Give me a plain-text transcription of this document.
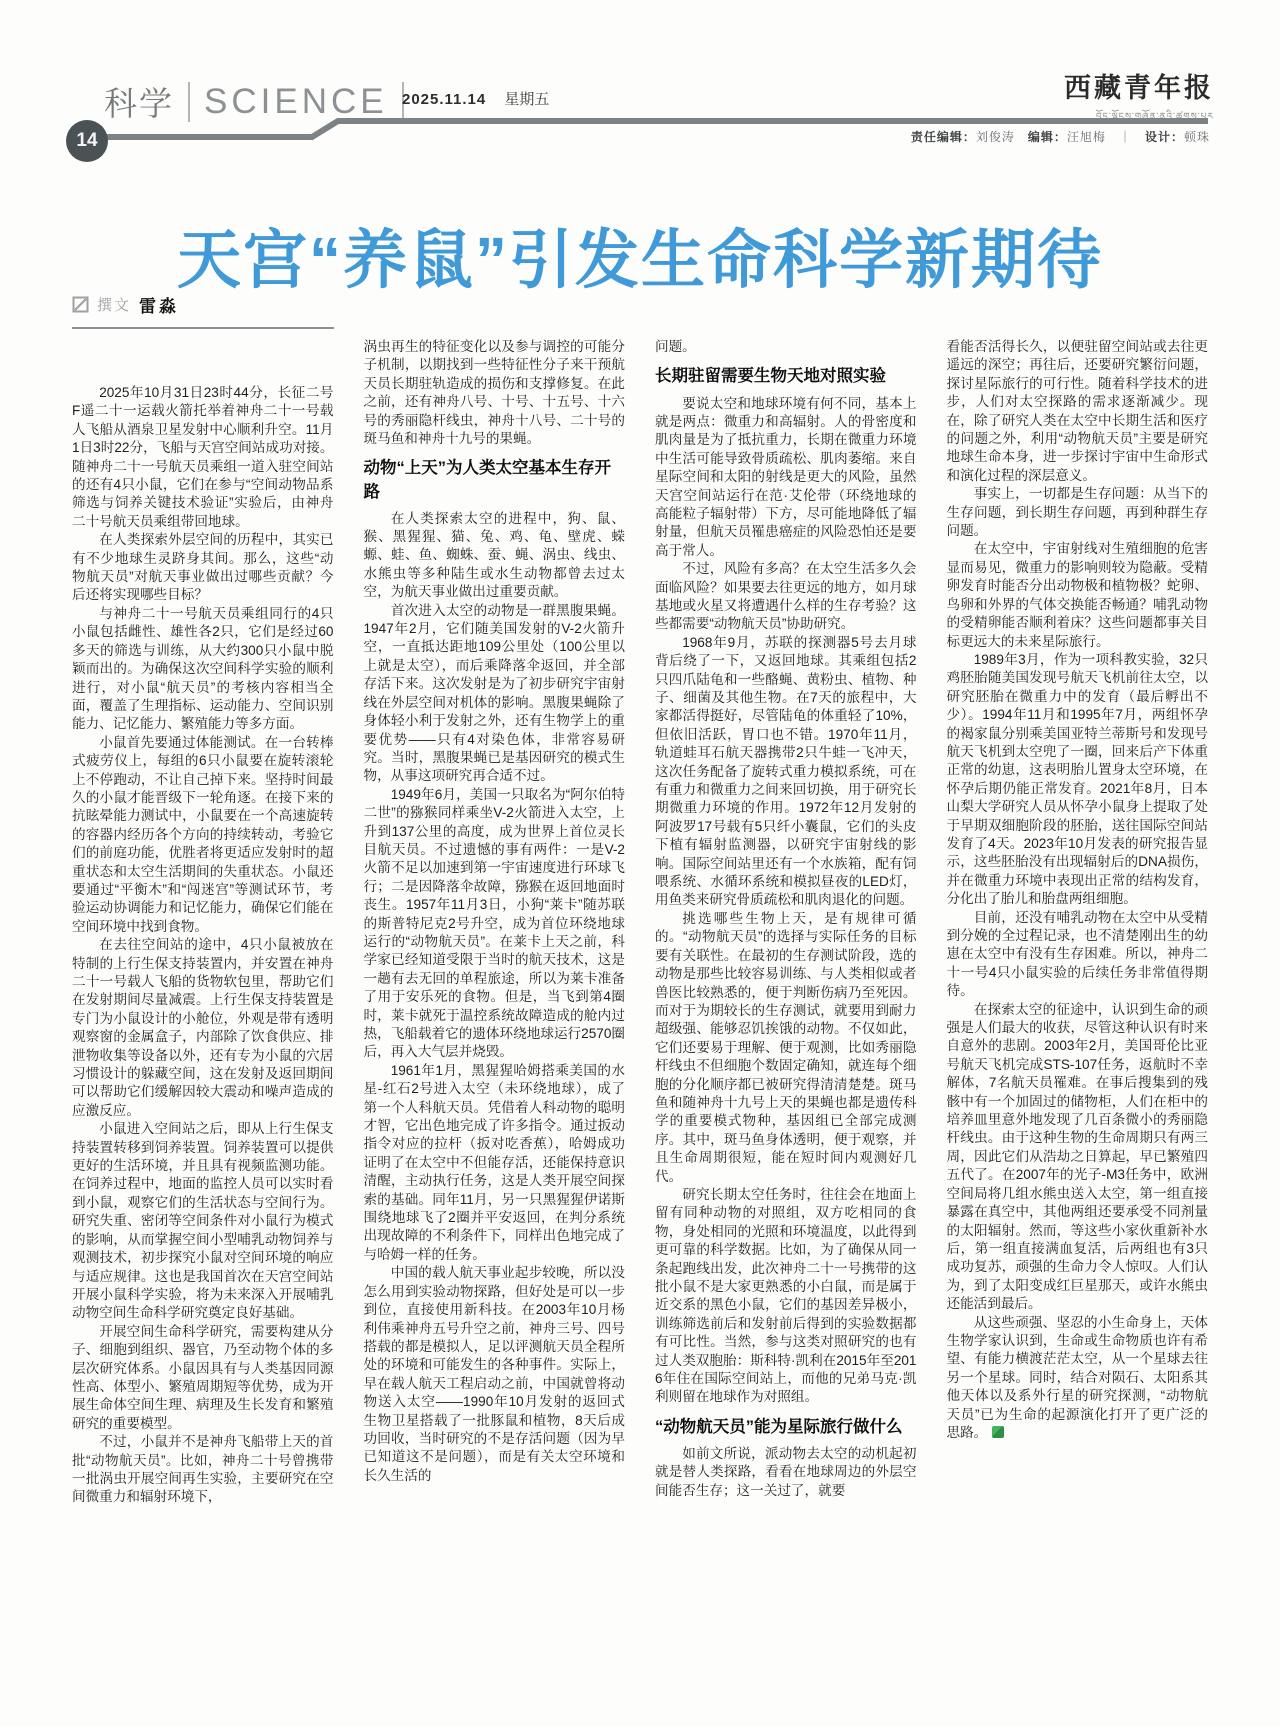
科学 SCIENCE 2025.11.14 星期五	西藏青年报
བོད་ལྗོངས་གཞོན་ནུའི་ཚགས་པར
14	责任编辑：刘俊涛 编辑：汪旭梅 ｜ 设计：顿珠
天宫“养鼠”引发生命科学新期待
撰文 雷淼

2025年10月31日23时44分，长征二号F遥二十一运载火箭托举着神舟二十一号载人飞船从酒泉卫星发射中心顺利升空。11月1日3时22分，飞船与天宫空间站成功对接。随神舟二十一号航天员乘组一道入驻空间站的还有4只小鼠，它们在参与“空间动物品系筛选与饲养关键技术验证”实验后，由神舟二十号航天员乘组带回地球。

在人类探索外层空间的历程中，其实已有不少地球生灵跻身其间。那么，这些“动物航天员”对航天事业做出过哪些贡献？今后还将实现哪些目标？

与神舟二十一号航天员乘组同行的4只小鼠包括雌性、雄性各2只，它们是经过60多天的筛选与训练，从大约300只小鼠中脱颖而出的。为确保这次空间科学实验的顺利进行，对小鼠“航天员”的考核内容相当全面，覆盖了生理指标、运动能力、空间识别能力、记忆能力、繁殖能力等多方面。

小鼠首先要通过体能测试。在一台转棒式疲劳仪上，每组的6只小鼠要在旋转滚轮上不停跑动，不让自己掉下来。坚持时间最久的小鼠才能晋级下一轮角逐。在接下来的抗眩晕能力测试中，小鼠要在一个高速旋转的容器内经历各个方向的持续转动，考验它们的前庭功能，优胜者将更适应发射时的超重状态和太空生活期间的失重状态。小鼠还要通过“平衡木”和“闯迷宫”等测试环节，考验运动协调能力和记忆能力，确保它们能在空间环境中找到食物。

在去往空间站的途中，4只小鼠被放在特制的上行生保支持装置内，并安置在神舟二十一号载人飞船的货物软包里，帮助它们在发射期间尽量减震。上行生保支持装置是专门为小鼠设计的小舱位，外观是带有透明观察窗的金属盒子，内部除了饮食供应、排泄物收集等设备以外，还有专为小鼠的穴居习惯设计的躲藏空间，这在发射及返回期间可以帮助它们缓解因较大震动和噪声造成的应激反应。

小鼠进入空间站之后，即从上行生保支持装置转移到饲养装置。饲养装置可以提供更好的生活环境，并且具有视频监测功能。在饲养过程中，地面的监控人员可以实时看到小鼠，观察它们的生活状态与空间行为。研究失重、密闭等空间条件对小鼠行为模式的影响，从而掌握空间小型哺乳动物饲养与观测技术，初步探究小鼠对空间环境的响应与适应规律。这也是我国首次在天宫空间站开展小鼠科学实验，将为未来深入开展哺乳动物空间生命科学研究奠定良好基础。

开展空间生命科学研究，需要构建从分子、细胞到组织、器官，乃至动物个体的多层次研究体系。小鼠因具有与人类基因同源性高、体型小、繁殖周期短等优势，成为开展生命体空间生理、病理及生长发育和繁殖研究的重要模型。

不过，小鼠并不是神舟飞船带上天的首批“动物航天员”。比如，神舟二十号曾携带一批涡虫开展空间再生实验，主要研究在空间微重力和辐射环境下，

涡虫再生的特征变化以及参与调控的可能分子机制，以期找到一些特征性分子来干预航天员长期驻轨造成的损伤和支撑修复。在此之前，还有神舟八号、十号、十五号、十六号的秀丽隐杆线虫，神舟十八号、二十号的斑马鱼和神舟十九号的果蝇。

动物“上天”为人类太空基本生存开路

在人类探索太空的进程中，狗、鼠、猴、黑猩猩、猫、兔、鸡、龟、壁虎、蝾螈、蛙、鱼、蜘蛛、蚕、蝇、涡虫、线虫、水熊虫等多种陆生或水生动物都曾去过太空，为航天事业做出过重要贡献。

首次进入太空的动物是一群黑腹果蝇。1947年2月，它们随美国发射的V-2火箭升空，一直抵达距地109公里处（100公里以上就是太空），而后乘降落伞返回，并全部存活下来。这次发射是为了初步研究宇宙射线在外层空间对机体的影响。黑腹果蝇除了身体轻小利于发射之外，还有生物学上的重要优势——只有4对染色体，非常容易研究。当时，黑腹果蝇已是基因研究的模式生物，从事这项研究再合适不过。

1949年6月，美国一只取名为“阿尔伯特二世”的猕猴同样乘坐V-2火箭进入太空，上升到137公里的高度，成为世界上首位灵长目航天员。不过遗憾的事有两件：一是V-2火箭不足以加速到第一宇宙速度进行环球飞行；二是因降落伞故障，猕猴在返回地面时丧生。1957年11月3日，小狗“莱卡”随苏联的斯普特尼克2号升空，成为首位环绕地球运行的“动物航天员”。在莱卡上天之前，科学家已经知道受限于当时的航天技术，这是一趟有去无回的单程旅途，所以为莱卡准备了用于安乐死的食物。但是，当飞到第4圈时，莱卡就死于温控系统故障造成的舱内过热，飞船载着它的遗体环绕地球运行2570圈后，再入大气层并烧毁。

1961年1月，黑猩猩哈姆搭乘美国的水星-红石2号进入太空（未环绕地球），成了第一个人科航天员。凭借着人科动物的聪明才智，它出色地完成了许多指令。通过扳动指令对应的拉杆（扳对吃香蕉），哈姆成功证明了在太空中不但能存活，还能保持意识清醒，主动执行任务，这是人类开展空间探索的基础。同年11月，另一只黑猩猩伊诺斯围绕地球飞了2圈并平安返回，在判分系统出现故障的不利条件下，同样出色地完成了与哈姆一样的任务。

中国的载人航天事业起步较晚，所以没怎么用到实验动物探路，但好处是可以一步到位，直接使用新科技。在2003年10月杨利伟乘神舟五号升空之前，神舟三号、四号搭载的都是模拟人，足以评测航天员全程所处的环境和可能发生的各种事件。实际上，早在载人航天工程启动之前，中国就曾将动物送入太空——1990年10月发射的返回式生物卫星搭载了一批豚鼠和植物，8天后成功回收，当时研究的不是存活问题（因为早已知道这不是问题），而是有关太空环境和长久生活的

问题。

长期驻留需要生物天地对照实验

要说太空和地球环境有何不同，基本上就是两点：微重力和高辐射。人的骨密度和肌肉量是为了抵抗重力，长期在微重力环境中生活可能导致骨质疏松、肌肉萎缩。来自星际空间和太阳的射线是更大的风险，虽然天宫空间站运行在范·艾伦带（环绕地球的高能粒子辐射带）下方，尽可能地降低了辐射量，但航天员罹患癌症的风险恐怕还是要高于常人。

不过，风险有多高？在太空生活多久会面临风险？如果要去往更远的地方，如月球基地或火星又将遭遇什么样的生存考验？这些都需要“动物航天员”协助研究。

1968年9月，苏联的探测器5号去月球背后绕了一下，又返回地球。其乘组包括2只四爪陆龟和一些酪蝇、黄粉虫、植物、种子、细菌及其他生物。在7天的旅程中，大家都活得挺好，尽管陆龟的体重轻了10%，但依旧活跃，胃口也不错。1970年11月，轨道蛙耳石航天器携带2只牛蛙一飞冲天，这次任务配备了旋转式重力模拟系统，可在有重力和微重力之间来回切换，用于研究长期微重力环境的作用。1972年12月发射的阿波罗17号载有5只纤小囊鼠，它们的头皮下植有辐射监测器，以研究宇宙射线的影响。国际空间站里还有一个水族箱，配有饲喂系统、水循环系统和模拟昼夜的LED灯，用鱼类来研究骨质疏松和肌肉退化的问题。

挑选哪些生物上天，是有规律可循的。“动物航天员”的选择与实际任务的目标要有关联性。在最初的生存测试阶段，选的动物是那些比较容易训练、与人类相似或者兽医比较熟悉的，便于判断伤病乃至死因。而对于为期较长的生存测试，就要用到耐力超级强、能够忍饥挨饿的动物。不仅如此，它们还要易于理解、便于观测，比如秀丽隐杆线虫不但细胞个数固定确知，就连每个细胞的分化顺序都已被研究得清清楚楚。斑马鱼和随神舟十九号上天的果蝇也都是遗传科学的重要模式物种，基因组已全部完成测序。其中，斑马鱼身体透明，便于观察，并且生命周期很短，能在短时间内观测好几代。

研究长期太空任务时，往往会在地面上留有同种动物的对照组，双方吃相同的食物，身处相同的光照和环境温度，以此得到更可靠的科学数据。比如，为了确保从同一条起跑线出发，此次神舟二十一号携带的这批小鼠不是大家更熟悉的小白鼠，而是属于近交系的黑色小鼠，它们的基因差异极小，训练筛选前后和发射前后得到的实验数据都有可比性。当然，参与这类对照研究的也有过人类双胞胎：斯科特·凯利在2015年至2016年住在国际空间站上，而他的兄弟马克·凯利则留在地球作为对照组。

“动物航天员”能为星际旅行做什么

如前文所说，派动物去太空的动机起初就是替人类探路，看看在地球周边的外层空间能否生存；这一关过了，就要

看能否活得长久，以便驻留空间站或去往更遥远的深空；再往后，还要研究繁衍问题，探讨星际旅行的可行性。随着科学技术的进步，人们对太空探路的需求逐渐减少。现在，除了研究人类在太空中长期生活和医疗的问题之外，利用“动物航天员”主要是研究地球生命本身，进一步探讨宇宙中生命形式和演化过程的深层意义。

事实上，一切都是生存问题：从当下的生存问题，到长期生存问题，再到种群生存问题。

在太空中，宇宙射线对生殖细胞的危害显而易见，微重力的影响则较为隐蔽。受精卵发育时能否分出动物极和植物极？蛇卵、鸟卵和外界的气体交换能否畅通？哺乳动物的受精卵能否顺利着床？这些问题都事关目标更远大的未来星际旅行。

1989年3月，作为一项科教实验，32只鸡胚胎随美国发现号航天飞机前往太空，以研究胚胎在微重力中的发育（最后孵出不少）。1994年11月和1995年7月，两组怀孕的褐家鼠分别乘美国亚特兰蒂斯号和发现号航天飞机到太空兜了一圈，回来后产下体重正常的幼崽，这表明胎儿置身太空环境，在怀孕后期仍能正常发育。2021年8月，日本山梨大学研究人员从怀孕小鼠身上提取了处于早期双细胞阶段的胚胎，送往国际空间站发育了4天。2023年10月发表的研究报告显示，这些胚胎没有出现辐射后的DNA损伤，并在微重力环境中表现出正常的结构发育，分化出了胎儿和胎盘两组细胞。

目前，还没有哺乳动物在太空中从受精到分娩的全过程记录，也不清楚刚出生的幼崽在太空中有没有生存困难。所以，神舟二十一号4只小鼠实验的后续任务非常值得期待。

在探索太空的征途中，认识到生命的顽强是人们最大的收获，尽管这种认识有时来自意外的悲剧。2003年2月，美国哥伦比亚号航天飞机完成STS-107任务，返航时不幸解体，7名航天员罹难。在事后搜集到的残骸中有一个加固过的储物柜，人们在柜中的培养皿里意外地发现了几百条微小的秀丽隐杆线虫。由于这种生物的生命周期只有两三周，因此它们从浩劫之日算起，早已繁殖四五代了。在2007年的光子-M3任务中，欧洲空间局将几组水熊虫送入太空，第一组直接暴露在真空中，其他两组还要承受不同剂量的太阳辐射。然而，等这些小家伙重新补水后，第一组直接满血复活，后两组也有3只成功复苏，顽强的生命力令人惊叹。人们认为，到了太阳变成红巨星那天，或许水熊虫还能活到最后。

从这些顽强、坚忍的小生命身上，天体生物学家认识到，生命或生命物质也许有希望、有能力横渡茫茫太空，从一个星球去往另一个星球。同时，结合对陨石、太阳系其他天体以及系外行星的研究探测，“动物航天员”已为生命的起源演化打开了更广泛的思路。
